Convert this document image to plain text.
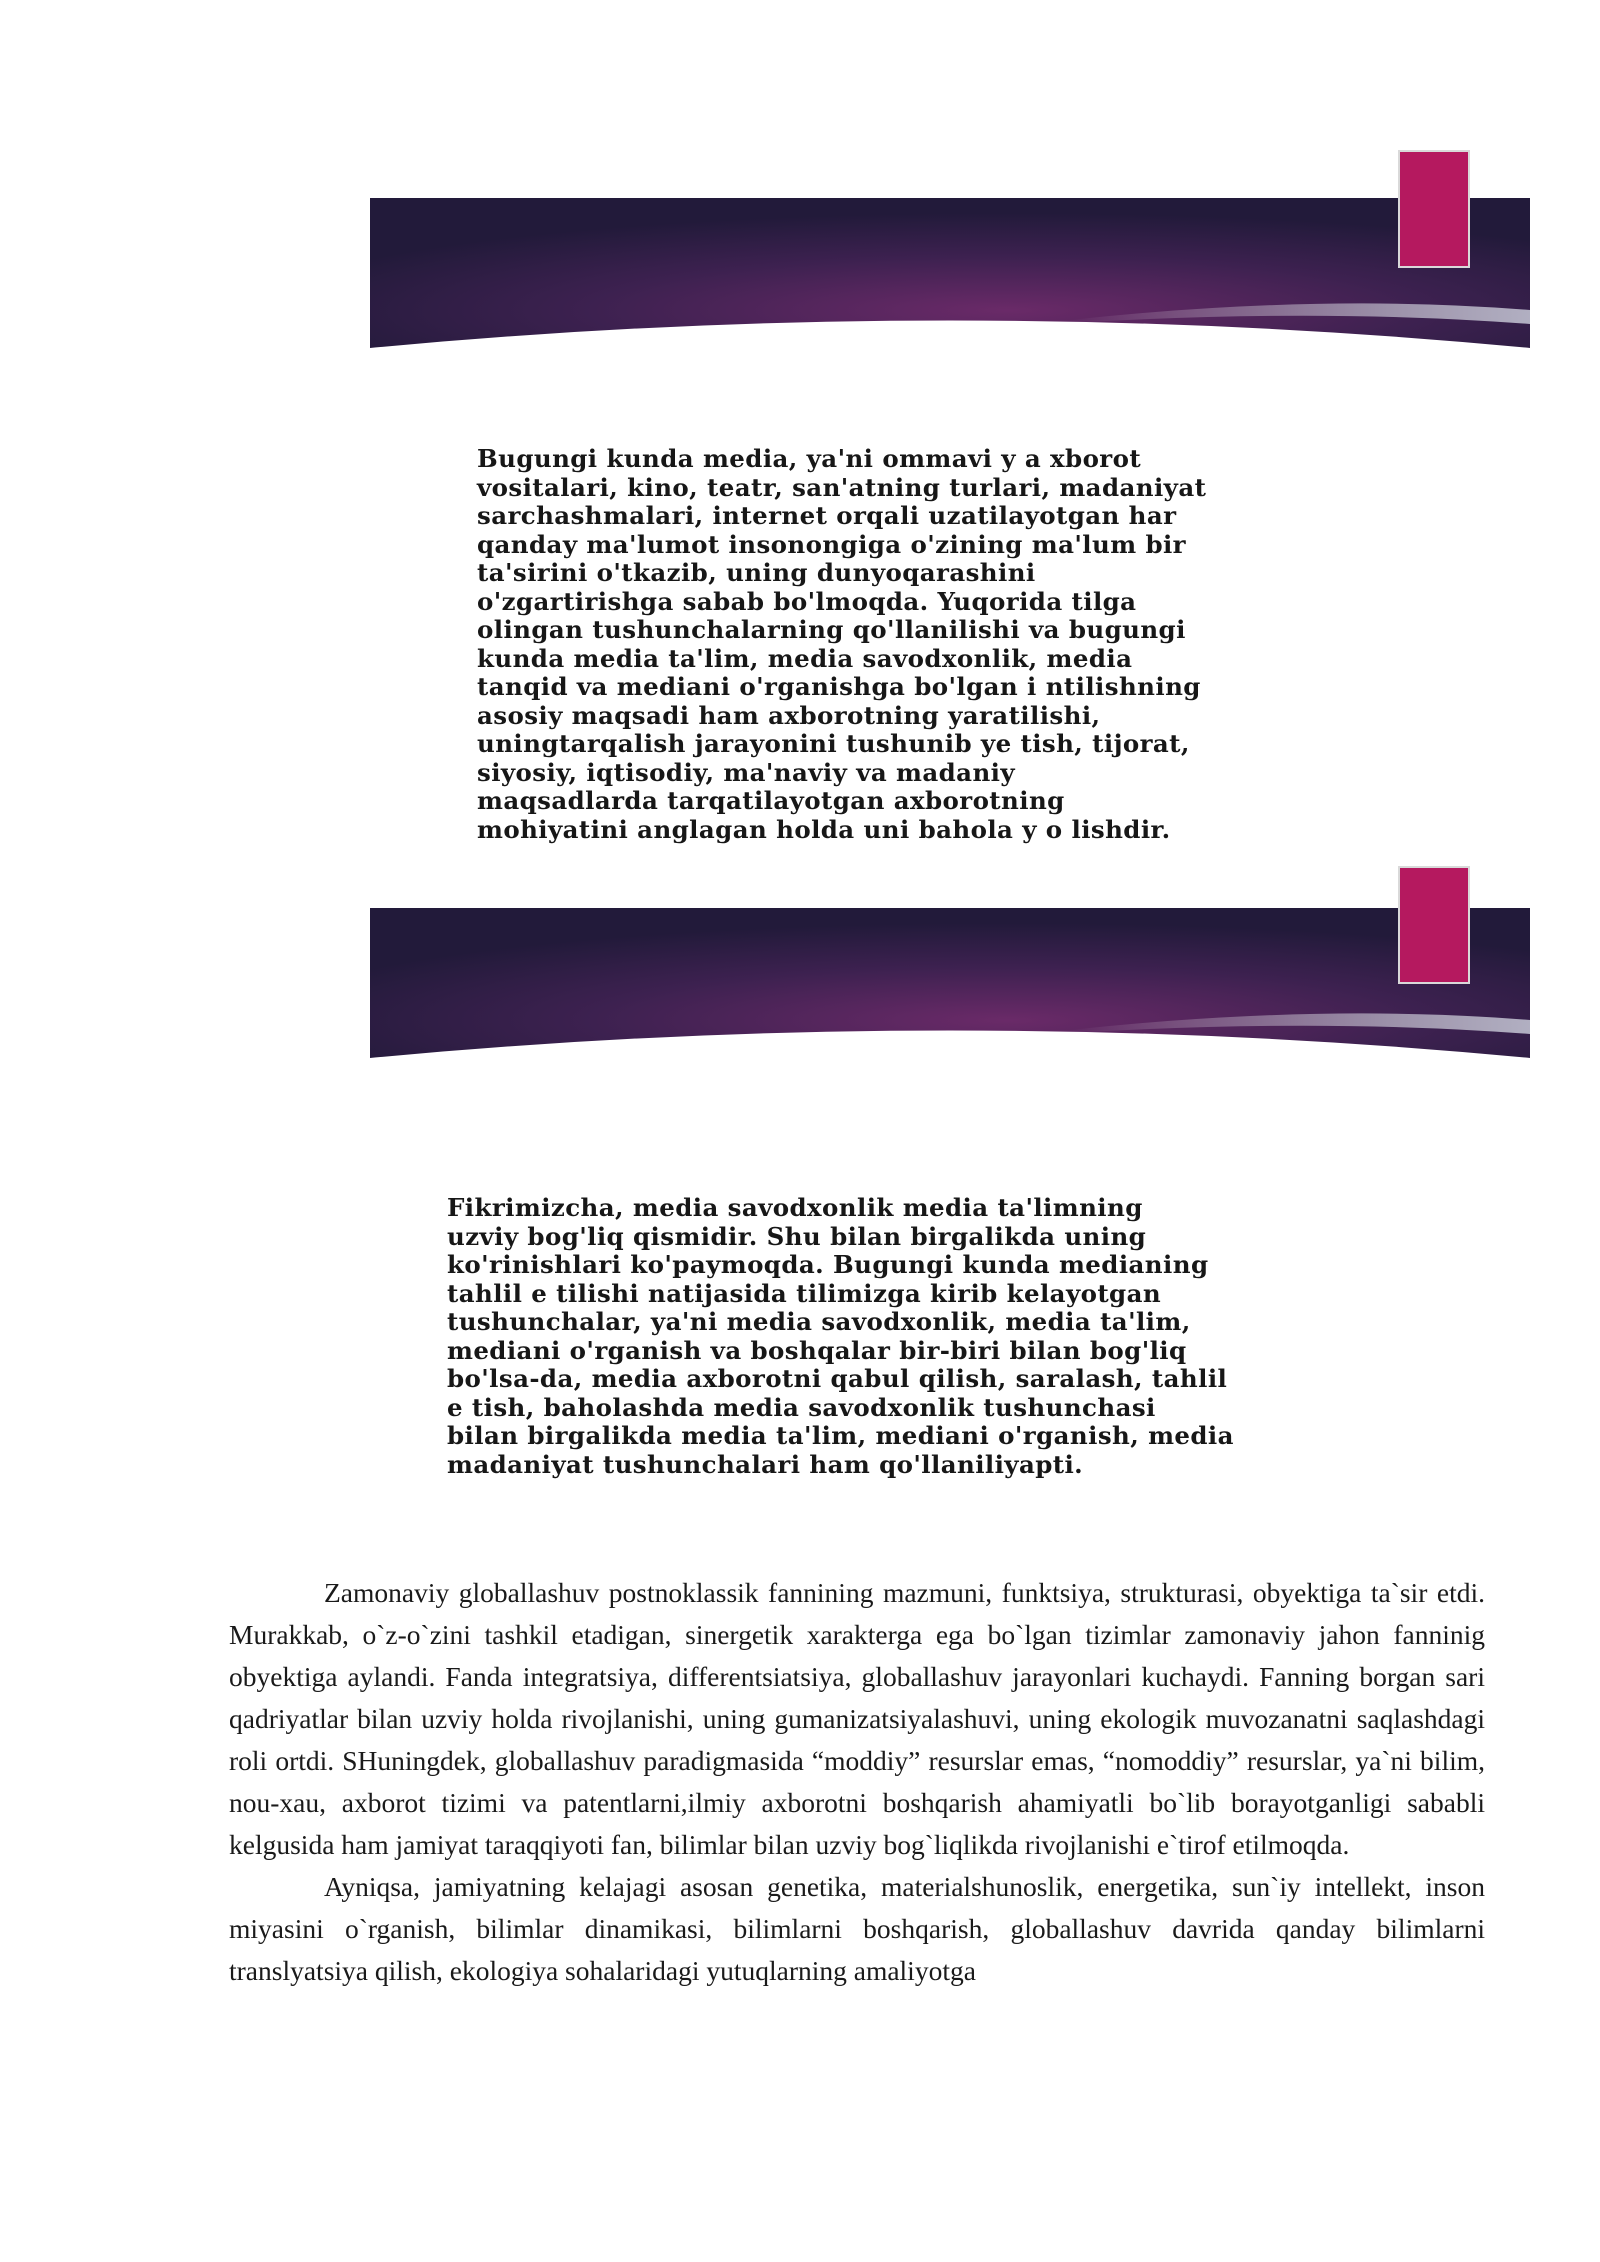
Bugungi kunda media, ya'ni ommavi y a xborot
vositalari, kino, teatr, san'atning turlari, madaniyat
sarchashmalari, internet orqali uzatilayotgan har
qanday ma'lumot insonongiga o'zining ma'lum bir
ta'sirini o'tkazib, uning dunyoqarashini
o'zgartirishga sabab bo'lmoqda. Yuqorida tilga
olingan tushunchalarning qo'llanilishi va bugungi
kunda media ta'lim, media savodxonlik, media
tanqid va mediani o'rganishga bo'lgan i ntilishning
asosiy maqsadi ham axborotning yaratilishi,
uningtarqalish jarayonini tushunib ye tish, tijorat,
siyosiy, iqtisodiy, ma'naviy va madaniy
maqsadlarda tarqatilayotgan axborotning
mohiyatini anglagan holda uni bahola y o lishdir.

Fikrimizcha, media savodxonlik media ta'limning
uzviy bog'liq qismidir. Shu bilan birgalikda uning
ko'rinishlari ko'paymoqda. Bugungi kunda medianing
tahlil e tilishi natijasida tilimizga kirib kelayotgan
tushunchalar, ya'ni media savodxonlik, media ta'lim,
mediani o'rganish va boshqalar bir-biri bilan bog'liq
bo'lsa-da, media axborotni qabul qilish, saralash, tahlil
e tish, baholashda media savodxonlik tushunchasi
bilan birgalikda media ta'lim, mediani o'rganish, media
madaniyat tushunchalari ham qo'llaniliyapti.

Zamonaviy globallashuv postnoklassik fannining mazmuni, funktsiya, strukturasi, obyektiga ta`sir etdi. Murakkab, o`z-o`zini tashkil etadigan, sinergetik xarakterga ega bo`lgan tizimlar zamonaviy jahon fanninig obyektiga aylandi. Fanda integratsiya, differentsiatsiya, globallashuv jarayonlari kuchaydi. Fanning borgan sari qadriyatlar bilan uzviy holda rivojlanishi, uning gumanizatsiyalashuvi, uning ekologik muvozanatni saqlashdagi roli ortdi. SHuningdek, globallashuv paradigmasida “moddiy” resurslar emas, “nomoddiy” resurslar, ya`ni bilim, nou-xau, axborot tizimi va patentlarni,ilmiy axborotni boshqarish ahamiyatli bo`lib borayotganligi sababli kelgusida ham jamiyat taraqqiyoti fan, bilimlar bilan uzviy bog`liqlikda rivojlanishi e`tirof etilmoqda.

Ayniqsa, jamiyatning kelajagi asosan genetika, materialshunoslik, energetika, sun`iy intellekt, inson miyasini o`rganish, bilimlar dinamikasi, bilimlarni boshqarish, globallashuv davrida qanday bilimlarni translyatsiya qilish, ekologiya sohalaridagi yutuqlarning amaliyotga
